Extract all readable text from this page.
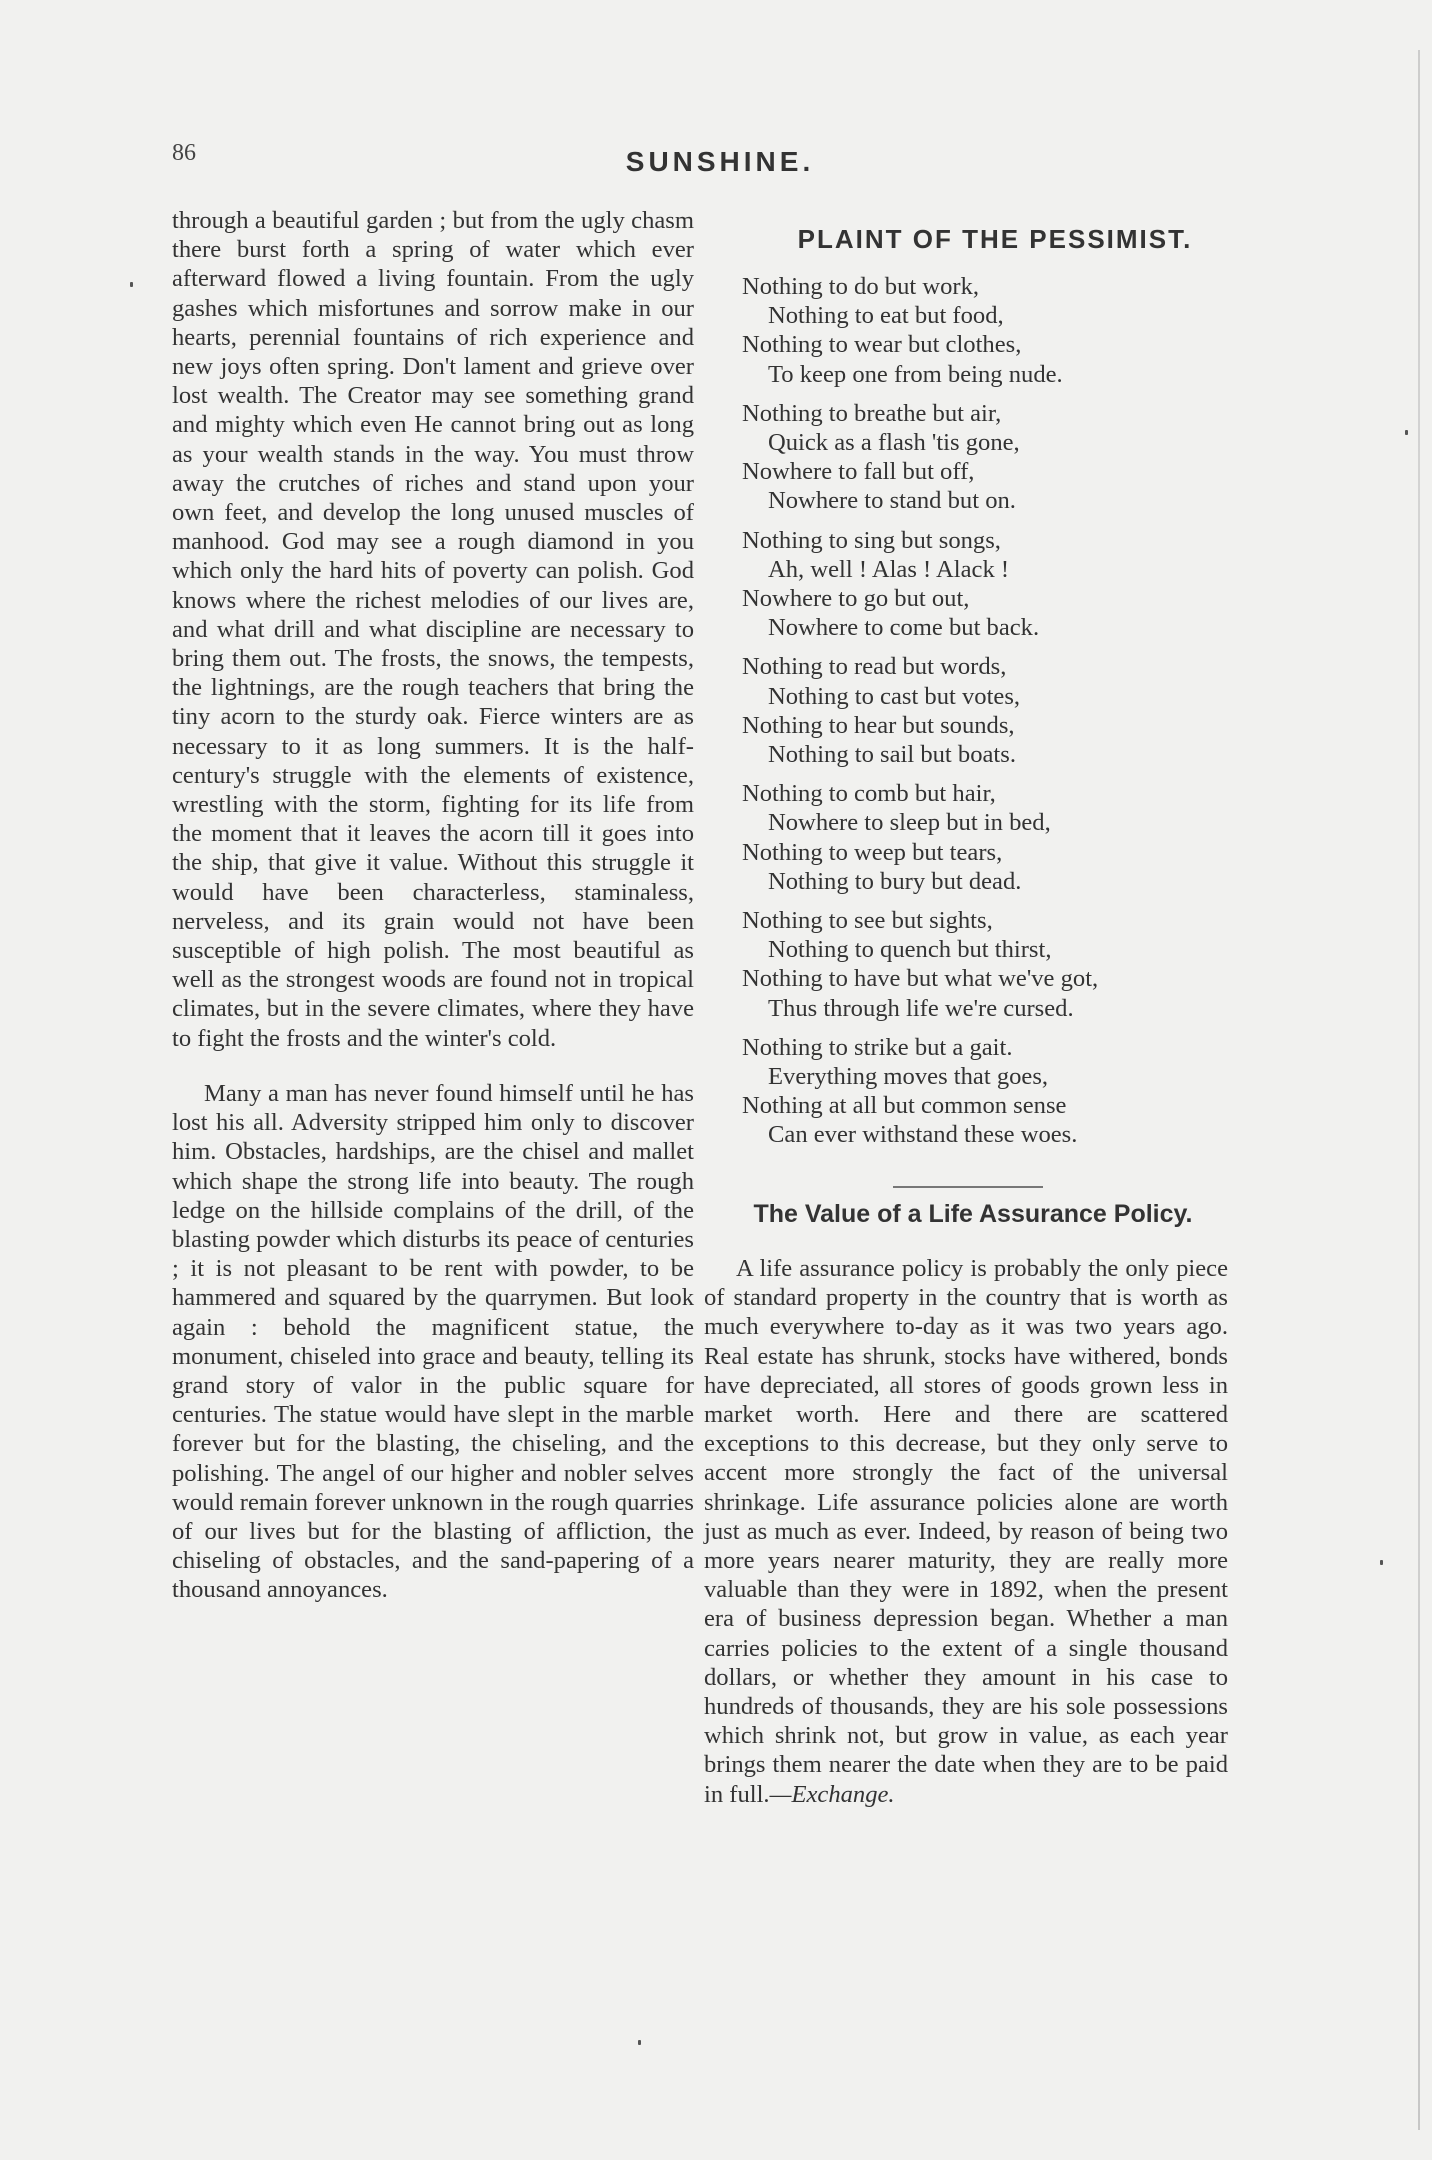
86	SUNSHINE.

through a beautiful garden ; but from the ugly chasm there burst forth a spring of water which ever afterward flowed a living fountain. From the ugly gashes which misfortunes and sorrow make in our hearts, perennial fountains of rich experience and new joys often spring. Don't lament and grieve over lost wealth. The Creator may see something grand and mighty which even He cannot bring out as long as your wealth stands in the way. You must throw away the crutches of riches and stand upon your own feet, and develop the long unused muscles of manhood. God may see a rough diamond in you which only the hard hits of poverty can polish. God knows where the richest melodies of our lives are, and what drill and what discipline are necessary to bring them out. The frosts, the snows, the tempests, the lightnings, are the rough teachers that bring the tiny acorn to the sturdy oak. Fierce winters are as necessary to it as long summers. It is the half-century's struggle with the elements of existence, wrestling with the storm, fighting for its life from the moment that it leaves the acorn till it goes into the ship, that give it value. Without this struggle it would have been characterless, staminaless, nerveless, and its grain would not have been susceptible of high polish. The most beautiful as well as the strongest woods are found not in tropical climates, but in the severe climates, where they have to fight the frosts and the winter's cold.

Many a man has never found himself until he has lost his all. Adversity stripped him only to discover him. Obstacles, hardships, are the chisel and mallet which shape the strong life into beauty. The rough ledge on the hillside complains of the drill, of the blasting powder which disturbs its peace of centuries ; it is not pleasant to be rent with powder, to be hammered and squared by the quarrymen. But look again : behold the magnificent statue, the monument, chiseled into grace and beauty, telling its grand story of valor in the public square for centuries. The statue would have slept in the marble forever but for the blasting, the chiseling, and the polishing. The angel of our higher and nobler selves would remain forever unknown in the rough quarries of our lives but for the blasting of affliction, the chiseling of obstacles, and the sand-papering of a thousand annoyances.

PLAINT OF THE PESSIMIST.
Nothing to do but work,
Nothing to eat but food,
Nothing to wear but clothes,
To keep one from being nude.
Nothing to breathe but air,
Quick as a flash 'tis gone,
Nowhere to fall but off,
Nowhere to stand but on.
Nothing to sing but songs,
Ah, well ! Alas ! Alack !
Nowhere to go but out,
Nowhere to come but back.
Nothing to read but words,
Nothing to cast but votes,
Nothing to hear but sounds,
Nothing to sail but boats.
Nothing to comb but hair,
Nowhere to sleep but in bed,
Nothing to weep but tears,
Nothing to bury but dead.
Nothing to see but sights,
Nothing to quench but thirst,
Nothing to have but what we've got,
Thus through life we're cursed.
Nothing to strike but a gait.
Everything moves that goes,
Nothing at all but common sense
Can ever withstand these woes.
The Value of a Life Assurance Policy.

A life assurance policy is probably the only piece of standard property in the country that is worth as much everywhere to-day as it was two years ago. Real estate has shrunk, stocks have withered, bonds have depreciated, all stores of goods grown less in market worth. Here and there are scattered exceptions to this decrease, but they only serve to accent more strongly the fact of the universal shrinkage. Life assurance policies alone are worth just as much as ever. Indeed, by reason of being two more years nearer maturity, they are really more valuable than they were in 1892, when the present era of business depression began. Whether a man carries policies to the extent of a single thousand dollars, or whether they amount in his case to hundreds of thousands, they are his sole possessions which shrink not, but grow in value, as each year brings them nearer the date when they are to be paid in full.—Exchange.
